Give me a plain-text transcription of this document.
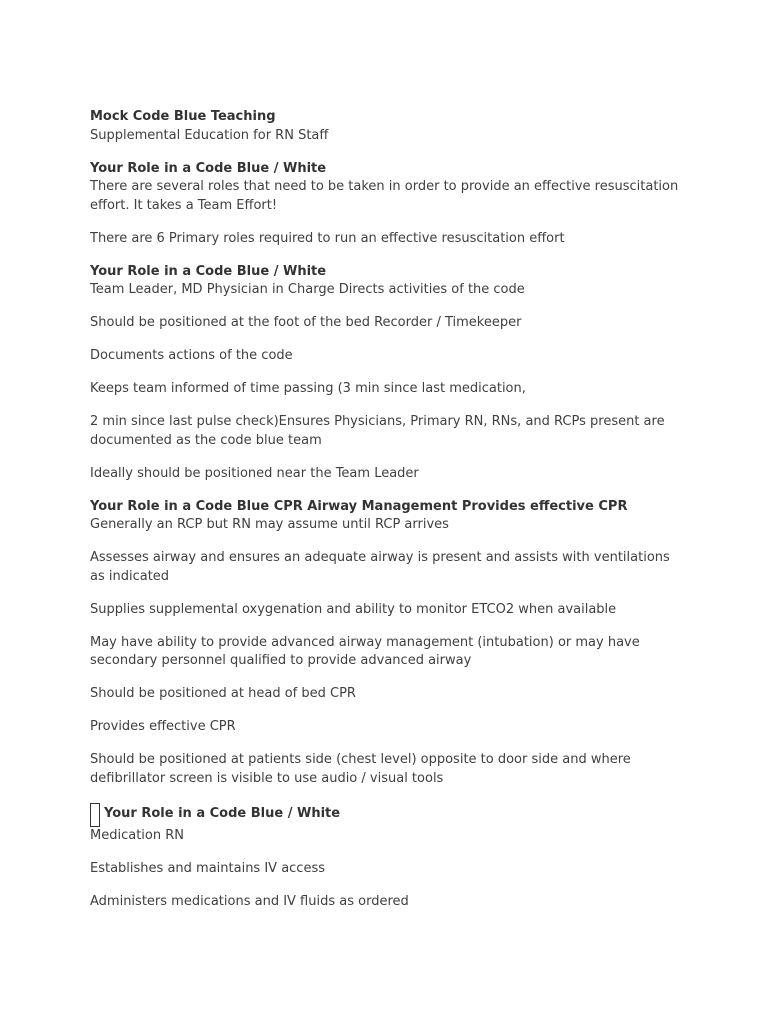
Mock Code Blue Teaching
Supplemental Education for RN Staff
Your Role in a Code Blue / White
There are several roles that need to be taken in order to provide an effective resuscitation effort. It takes a Team Effort!
There are 6 Primary roles required to run an effective resuscitation effort
Your Role in a Code Blue / White
Team Leader, MD Physician in Charge Directs activities of the code
Should be positioned at the foot of the bed Recorder / Timekeeper
Documents actions of the code
Keeps team informed of time passing (3 min since last medication,
2 min since last pulse check)Ensures Physicians, Primary RN, RNs, and RCPs present are documented as the code blue team
Ideally should be positioned near the Team Leader
Your Role in a Code Blue CPR Airway Management Provides effective CPR
Generally an RCP but RN may assume until RCP arrives
Assesses airway and ensures an adequate airway is present and assists with ventilations as indicated
Supplies supplemental oxygenation and ability to monitor ETCO2 when available
May have ability to provide advanced airway management (intubation) or may have secondary personnel qualified to provide advanced airway
Should be positioned at head of bed CPR
Provides effective CPR
Should be positioned at patients side (chest level) opposite to door side and where defibrillator screen is visible to use audio / visual tools
Your Role in a Code Blue / White
Medication RN
Establishes and maintains IV access
Administers medications and IV fluids as ordered
